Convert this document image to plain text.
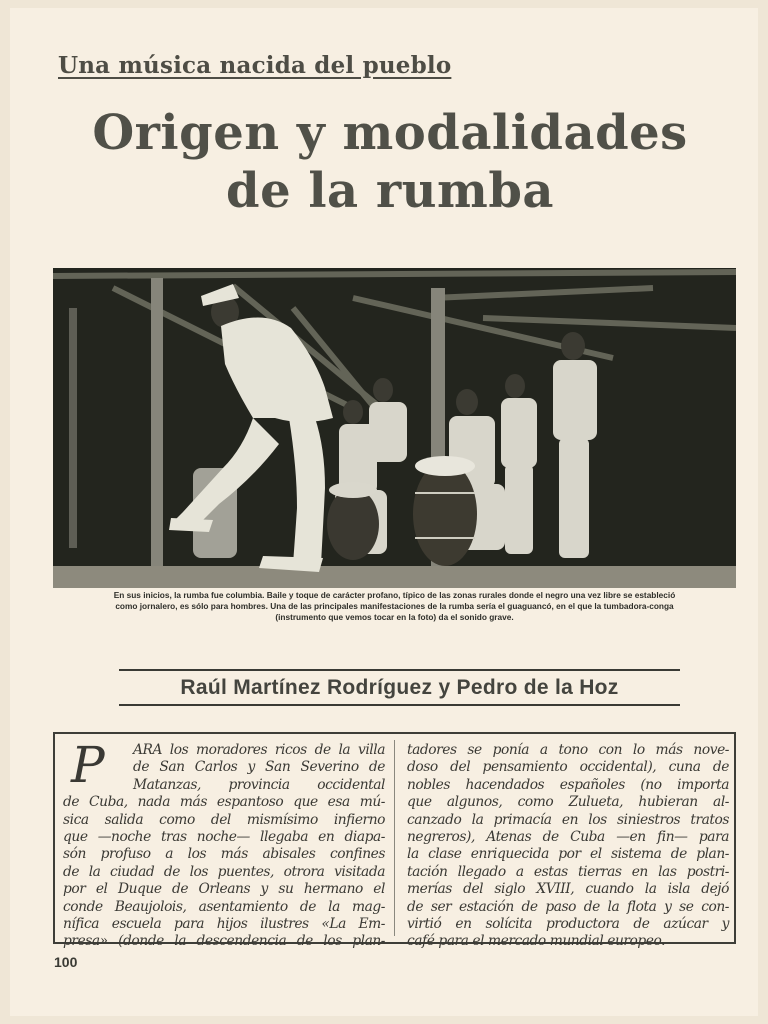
Una música nacida del pueblo
Origen y modalidades
de la rumba
En sus inicios, la rumba fue columbia. Baile y toque de carácter profano, típico de las zonas rurales donde el negro una vez libre se estableció
como jornalero, es sólo para hombres. Una de las principales manifestaciones de la rumba sería el guaguancó, en el que la tumbadora-conga
(instrumento que vemos tocar en la foto) da el sonido grave.
Raúl Martínez Rodríguez y Pedro de la Hoz
P	ARA los moradores ricos de la villa
de San Carlos y San Severino de
Matanzas, provincia occidental
de Cuba, nada más espantoso que esa mú-
sica salida como del mismísimo infierno
que —noche tras noche— llegaba en diapa-
són profuso a los más abisales confines
de la ciudad de los puentes, otrora visitada
por el Duque de Orleans y su hermano el
conde Beaujolois, asentamiento de la mag-
nífica escuela para hijos ilustres «La Em-
presa» (donde la descendencia de los plan-
tadores se ponía a tono con lo más nove-
doso del pensamiento occidental), cuna de
nobles hacendados españoles (no importa
que algunos, como Zulueta, hubieran al-
canzado la primacía en los siniestros tratos
negreros), Atenas de Cuba —en fin— para
la clase enriquecida por el sistema de plan-
tación llegado a estas tierras en las postri-
merías del siglo XVIII, cuando la isla dejó
de ser estación de paso de la flota y se con-
virtió en solícita productora de azúcar y
café para el mercado mundial europeo.
100
